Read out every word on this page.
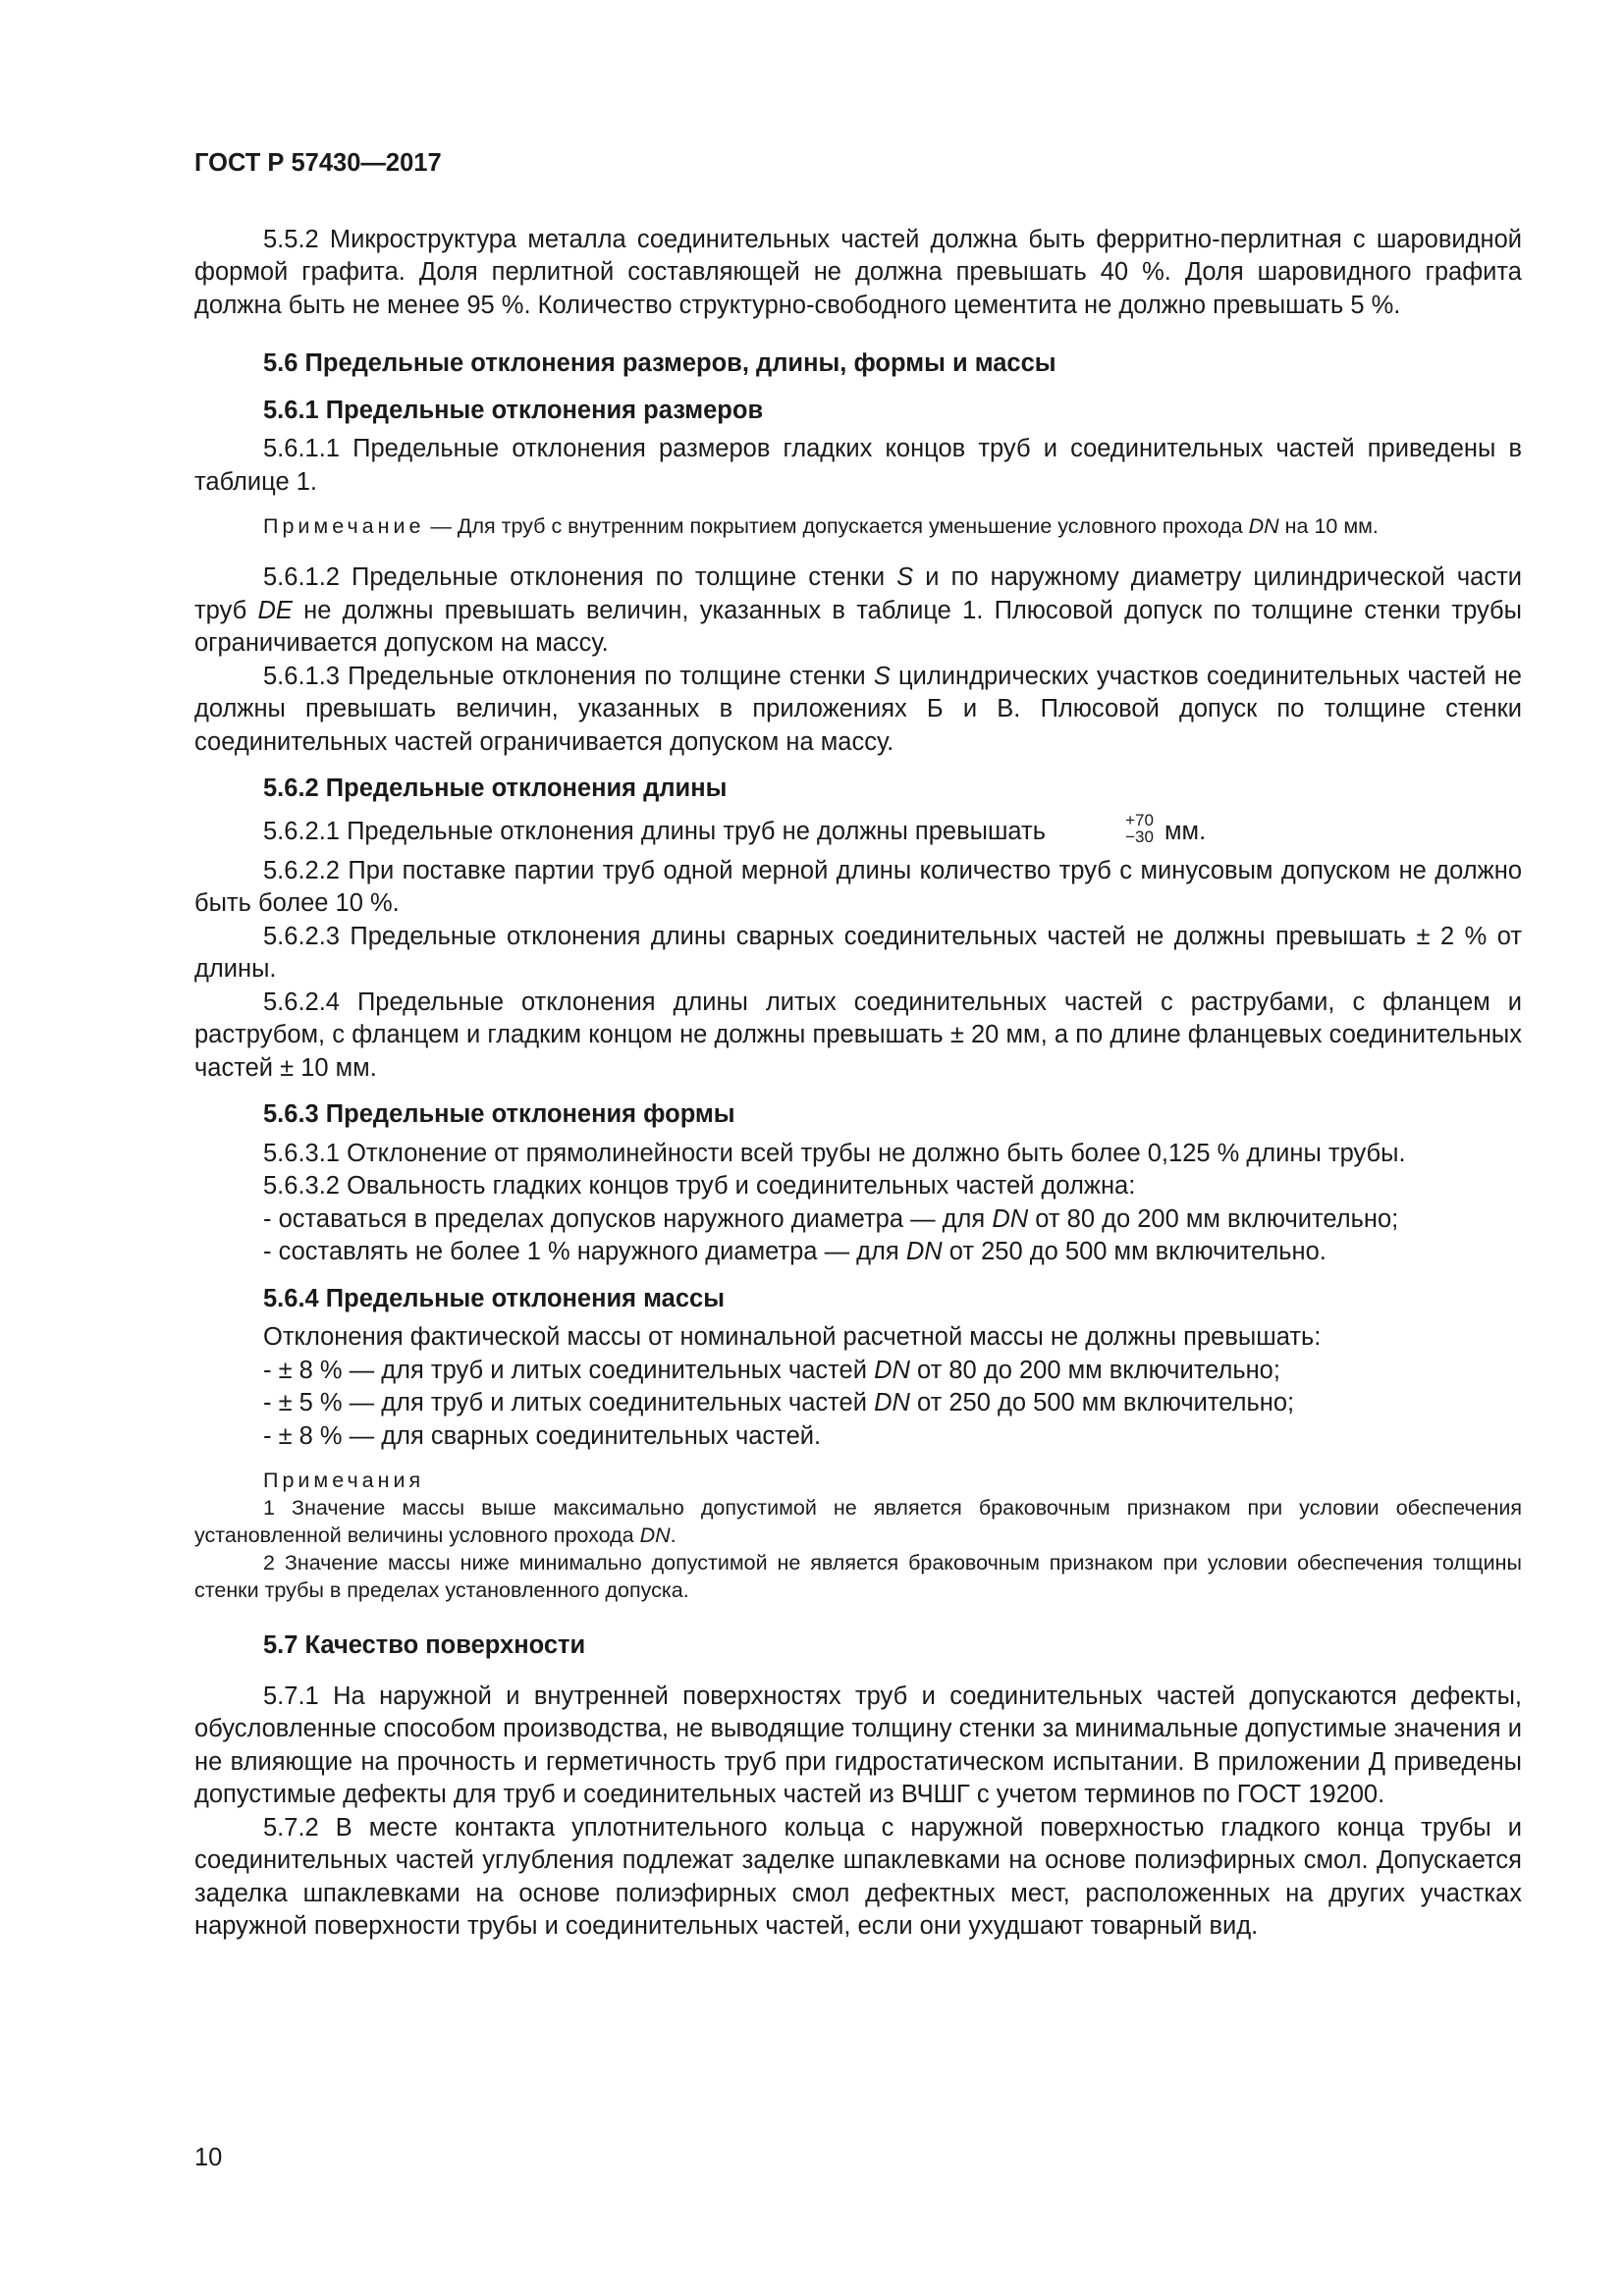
ГОСТ Р 57430—2017

5.5.2 Микроструктура металла соединительных частей должна быть ферритно-перлитная с шаровидной формой графита. Доля перлитной составляющей не должна превышать 40 %. Доля шаровидного графита должна быть не менее 95 %. Количество структурно-свободного цементита не должно превышать 5 %.

5.6 Предельные отклонения размеров, длины, формы и массы
5.6.1 Предельные отклонения размеров

5.6.1.1 Предельные отклонения размеров гладких концов труб и соединительных частей приведены в таблице 1.

Примечание — Для труб с внутренним покрытием допускается уменьшение условного прохода DN на 10 мм.

5.6.1.2 Предельные отклонения по толщине стенки S и по наружному диаметру цилиндрической части труб DE не должны превышать величин, указанных в таблице 1. Плюсовой допуск по толщине стенки трубы ограничивается допуском на массу.

5.6.1.3 Предельные отклонения по толщине стенки S цилиндрических участков соединительных частей не должны превышать величин, указанных в приложениях Б и В. Плюсовой допуск по толщине стенки соединительных частей ограничивается допуском на массу.

5.6.2 Предельные отклонения длины

5.6.2.1 Предельные отклонения длины труб не должны превышать	+70
−30 мм.

5.6.2.2 При поставке партии труб одной мерной длины количество труб с минусовым допуском не должно быть более 10 %.

5.6.2.3 Предельные отклонения длины сварных соединительных частей не должны превышать ± 2 % от длины.

5.6.2.4 Предельные отклонения длины литых соединительных частей с раструбами, с фланцем и раструбом, с фланцем и гладким концом не должны превышать ± 20 мм, а по длине фланцевых соединительных частей ± 10 мм.

5.6.3 Предельные отклонения формы

5.6.3.1 Отклонение от прямолинейности всей трубы не должно быть более 0,125 % длины трубы.

5.6.3.2 Овальность гладких концов труб и соединительных частей должна:

- оставаться в пределах допусков наружного диаметра — для DN от 80 до 200 мм включительно;

- составлять не более 1 % наружного диаметра — для DN от 250 до 500 мм включительно.

5.6.4 Предельные отклонения массы

Отклонения фактической массы от номинальной расчетной массы не должны превышать:

- ± 8 % — для труб и литых соединительных частей DN от 80 до 200 мм включительно;

- ± 5 % — для труб и литых соединительных частей DN от 250 до 500 мм включительно;

- ± 8 % — для сварных соединительных частей.

Примечания

1 Значение массы выше максимально допустимой не является браковочным признаком при условии обеспечения установленной величины условного прохода DN.

2 Значение массы ниже минимально допустимой не является браковочным признаком при условии обеспечения толщины стенки трубы в пределах установленного допуска.

5.7 Качество поверхности

5.7.1 На наружной и внутренней поверхностях труб и соединительных частей допускаются дефекты, обусловленные способом производства, не выводящие толщину стенки за минимальные допустимые значения и не влияющие на прочность и герметичность труб при гидростатическом испытании. В приложении Д приведены допустимые дефекты для труб и соединительных частей из ВЧШГ с учетом терминов по ГОСТ 19200.

5.7.2 В месте контакта уплотнительного кольца с наружной поверхностью гладкого конца трубы и соединительных частей углубления подлежат заделке шпаклевками на основе полиэфирных смол. Допускается заделка шпаклевками на основе полиэфирных смол дефектных мест, расположенных на других участках наружной поверхности трубы и соединительных частей, если они ухудшают товарный вид.

10
